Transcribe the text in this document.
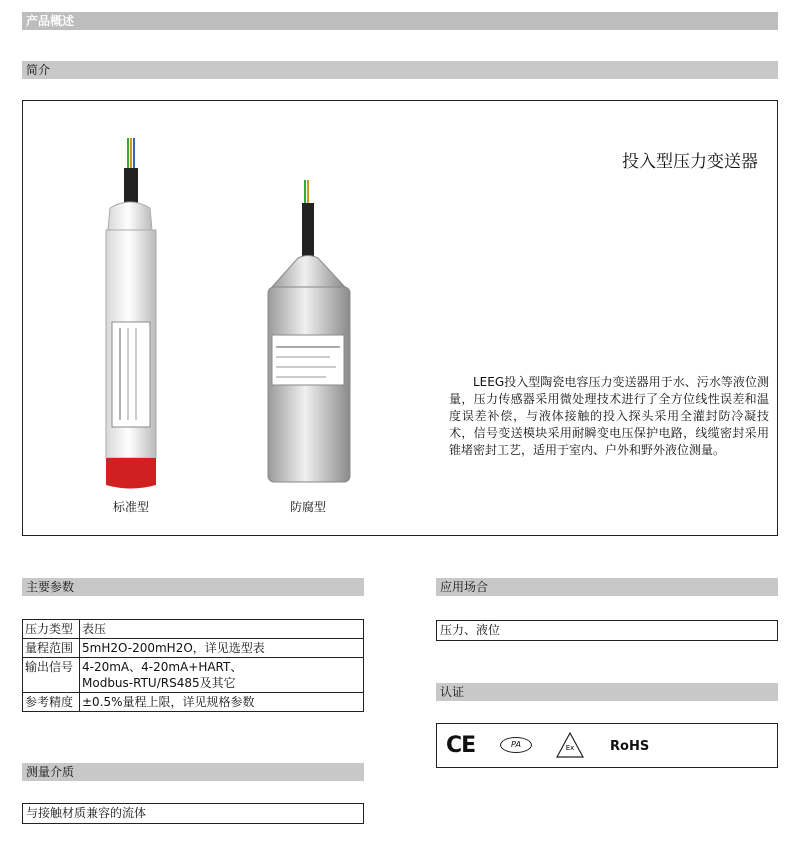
产品概述
简介
标准型	防腐型
投入型压力变送器
LEEG投入型陶瓷电容压力变送器用于水、污水等液位测量，压力传感器采用微处理技术进行了全方位线性误差和温度误差补偿，与液体接触的投入探头采用全灌封防冷凝技术，信号变送模块采用耐瞬变电压保护电路，线缆密封采用锥堵密封工艺，适用于室内、户外和野外液位测量。
主要参数
压力类型	表压
量程范围	5mH2O-200mH2O，详见选型表
输出信号	4-20mA、4-20mA+HART、
Modbus-RTU/RS485及其它
参考精度	±0.5%量程上限，详见规格参数
应用场合
压力、液位
认证
CE	PA	Ex	RoHS
测量介质
与接触材质兼容的流体
